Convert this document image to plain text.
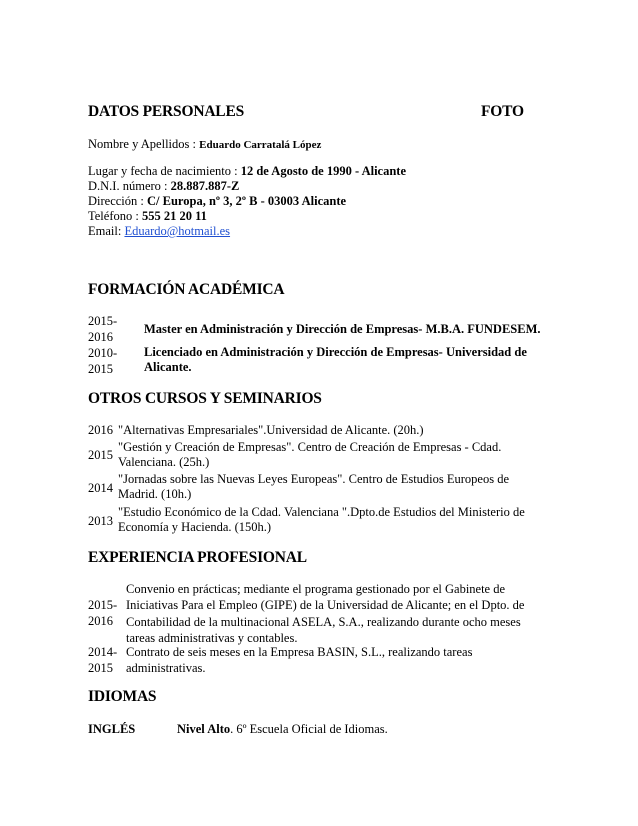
DATOS PERSONALES	FOTO
Nombre y Apellidos : Eduardo Carratalá López
Lugar y fecha de nacimiento : 12 de Agosto de 1990 - Alicante
D.N.I. número : 28.887.887-Z
Dirección : C/ Europa, nº 3, 2º B - 03003 Alicante
Teléfono : 555 21 20 11
Email: Eduardo@hotmail.es
FORMACIÓN ACADÉMICA
2015-
2016
Master en Administración y Dirección de Empresas- M.B.A. FUNDESEM.
2010-
2015
Licenciado en Administración y Dirección de Empresas- Universidad de
Alicante.
OTROS CURSOS Y SEMINARIOS
2016 "Alternativas Empresariales".Universidad de Alicante. (20h.)
2015
"Gestión y Creación de Empresas". Centro de Creación de Empresas - Cdad.
Valenciana. (25h.)
2014
"Jornadas sobre las Nuevas Leyes Europeas". Centro de Estudios Europeos de
Madrid. (10h.)
2013
"Estudio Económico de la Cdad. Valenciana ".Dpto.de Estudios del Ministerio de
Economía y Hacienda. (150h.)
EXPERIENCIA PROFESIONAL
2015-
2016
Convenio en prácticas; mediante el programa gestionado por el Gabinete de
Iniciativas Para el Empleo (GIPE) de la Universidad de Alicante; en el Dpto. de
Contabilidad de la multinacional ASELA, S.A., realizando durante ocho meses
tareas administrativas y contables.
2014-
2015
Contrato de seis meses en la Empresa BASIN, S.L., realizando tareas
administrativas.
IDIOMAS
INGLÉS	Nivel Alto. 6º Escuela Oficial de Idiomas.
